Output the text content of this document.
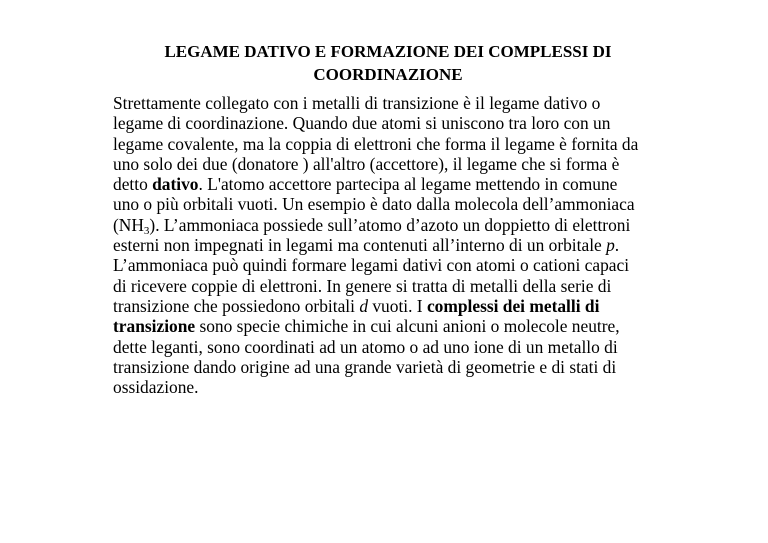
LEGAME DATIVO E FORMAZIONE DEI COMPLESSI DI
COORDINAZIONE

Strettamente collegato con i metalli di transizione è il legame dativo o
legame di coordinazione. Quando due atomi si uniscono tra loro con un
legame covalente, ma la coppia di elettroni che forma il legame è fornita da
uno solo dei due (donatore ) all'altro (accettore), il legame che si forma è
detto dativo. L'atomo accettore partecipa al legame mettendo in comune
uno o più orbitali vuoti. Un esempio è dato dalla molecola dell’ammoniaca
$(NH_3)$. L’ammoniaca possiede sull’atomo d’azoto un doppietto di elettroni
esterni non impegnati in legami ma contenuti all’interno di un orbitale p.
L’ammoniaca può quindi formare legami dativi con atomi o cationi capaci
di ricevere coppie di elettroni. In genere si tratta di metalli della serie di
transizione che possiedono orbitali d vuoti. I complessi dei metalli di
transizione sono specie chimiche in cui alcuni anioni o molecole neutre,
dette leganti, sono coordinati ad un atomo o ad uno ione di un metallo di
transizione dando origine ad una grande varietà di geometrie e di stati di
ossidazione.
